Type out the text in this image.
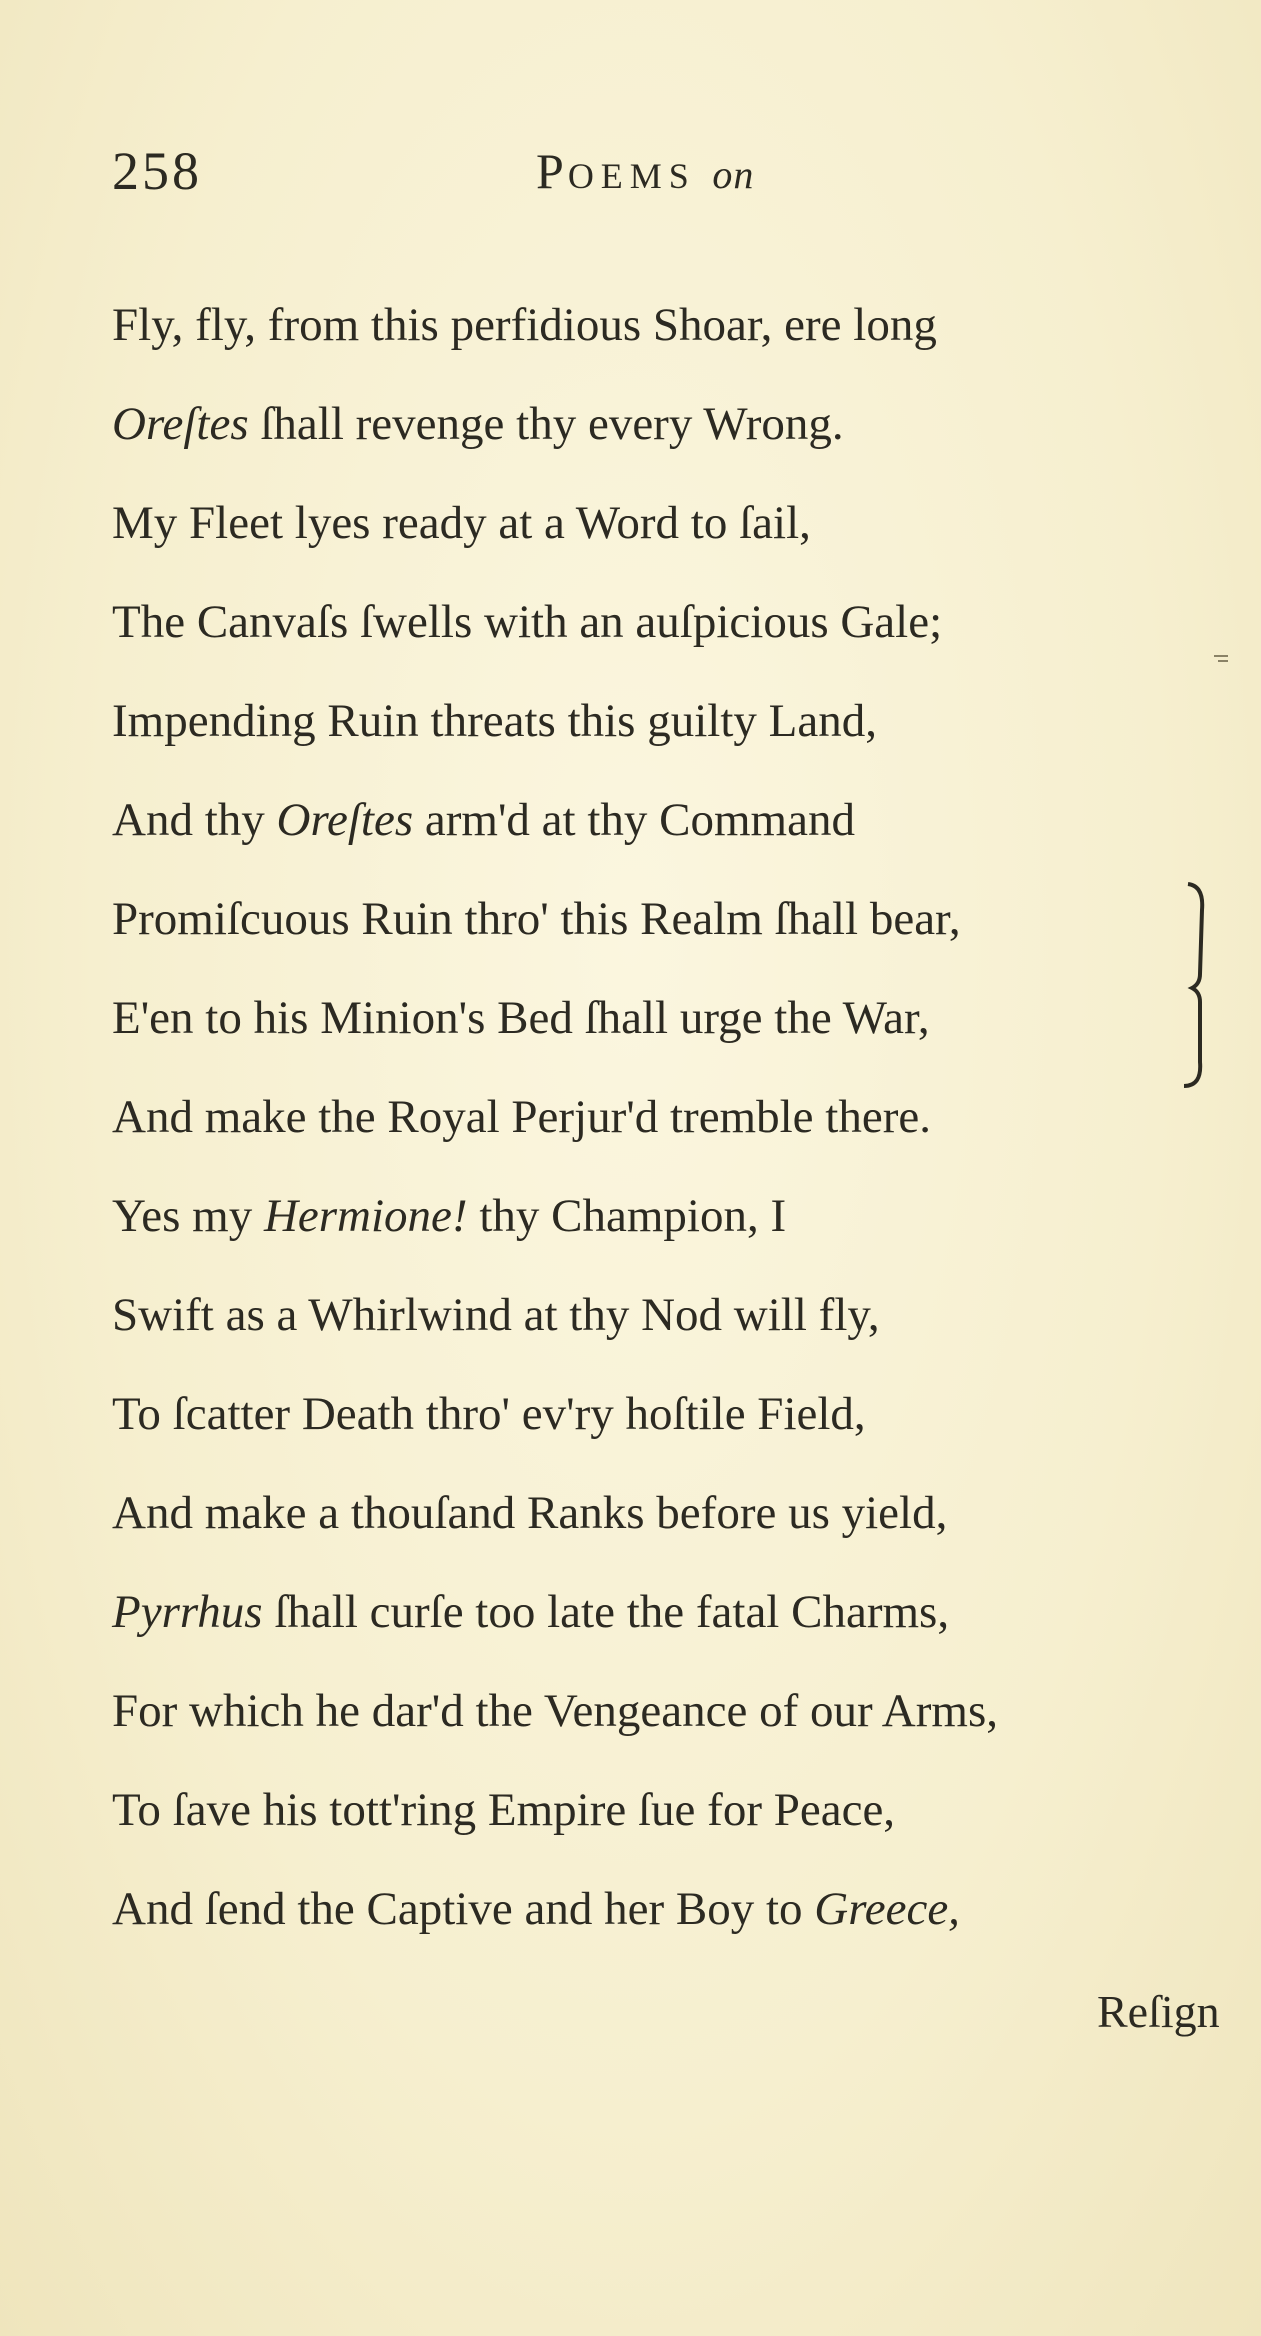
258	POEMS on
Fly, fly, from this perfidious Shoar, ere long
Oreſtes ſhall revenge thy every Wrong.
My Fleet lyes ready at a Word to ſail,
The Canvaſs ſwells with an auſpicious Gale;
Impending Ruin threats this guilty Land,
And thy Oreſtes arm'd at thy Command
Promiſcuous Ruin thro' this Realm ſhall bear,
E'en to his Minion's Bed ſhall urge the War,
And make the Royal Perjur'd tremble there.
Yes my Hermione! thy Champion, I
Swift as a Whirlwind at thy Nod will fly,
To ſcatter Death thro' ev'ry hoſtile Field,
And make a thouſand Ranks before us yield,
Pyrrhus ſhall curſe too late the fatal Charms,
For which he dar'd the Vengeance of our Arms,
To ſave his tott'ring Empire ſue for Peace,
And ſend the Captive and her Boy to Greece,
Reſign
